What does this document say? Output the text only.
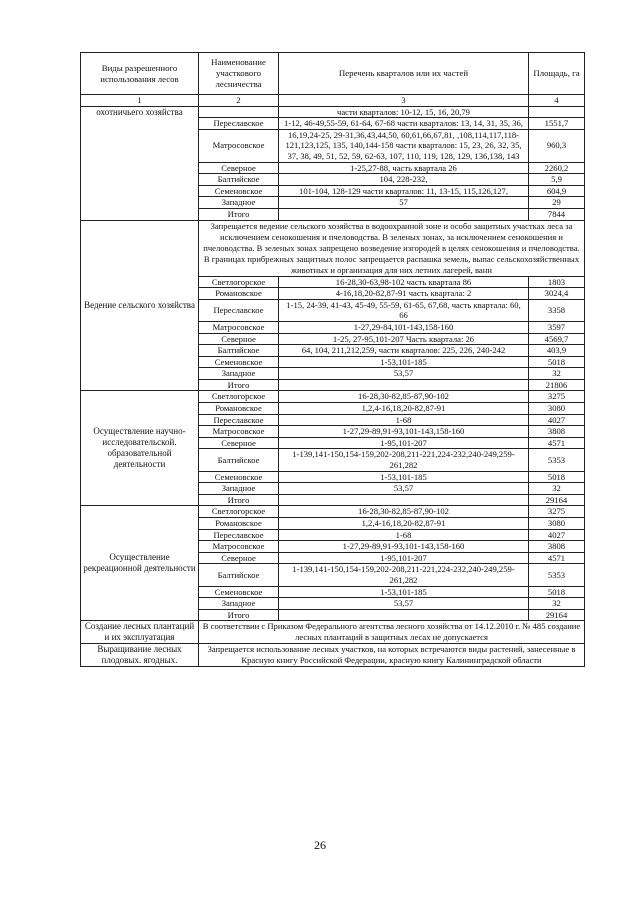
Виды разрешенного использования лесов	Наименование участкового лесничества	Перечень кварталов или их частей	Площадь, га
1	2	3	4
охотничьего хозяйства		части кварталов: 10-12, 15, 16, 20,79	
	Переславское	1-12, 46-49,55-59, 61-64, 67-68 части кварталов: 13, 14, 31, 35, 36,	1551,7
	Матросовское	16,19,24-25, 29-31,36,43,44,50, 60,61,66,67,81, ,108,114,117,118-121,123,125, 135, 140,144-158 части кварталов: 15, 23, 26, 32, 35, 37, 38, 49, 51, 52, 59, 62-63, 107, 110, 119, 128, 129, 136,138, 143	960,3
	Северное	1-25,27-88, часть квартала 26	2260,2
	Балтийское	104, 228-232,	5,9
	Семеновское	101-104, 128-129 части кварталов: 11, 13-15, 115,126,127,	604,9
	Западное	57	29
	Итого		7844
Ведение сельского хозяйства	Запрещается ведение сельского хозяйства в водоохранной зоне и особо защитных участках леса за исключением сенокошения и пчеловодства. В зеленых зонах, за исключением сенокошения и пчеловодства. В зеленых зонах запрещено возведение изгородей в целях сенокошения и пчеловодства. В границах прибрежных защитных полос запрещается распашка земель, выпас сельскохозяйственных животных и организация для них летних лагерей, ванн		
	Светлогорское	16-28,30-63,98-102 часть квартала 86	1803
	Романовское	4-16,18,20-82,87-91 часть квартала: 2	3024,4
	Переславское	1-15, 24-39, 41-43, 45-49, 55-59, 61-65, 67,68, часть квартала: 60, 66	3358
	Матросовское	1-27,29-84,101-143,158-160	3597
	Северное	1-25, 27-95,101-207 Часть квартала: 26	4569,7
	Балтийское	64, 104, 211,212,259, части кварталов: 225, 226, 240-242	403,9
	Семеновское	1-53,101-185	5018
	Западное	53,57	32
	Итого		21806
Осуществление научно-исследовательской. образовательной деятельности	Светлогорское	16-28,30-82,85-87,90-102	3275
	Романовское	1,2,4-16,18,20-82,87-91	3080
	Переславское	1-68	4027
	Матросовское	1-27,29-89,91-93,101-143,158-160	3808
	Северное	1-95,101-207	4571
	Балтийское	1-139,141-150,154-159,202-208,211-221,224-232,240-249,259-261,282	5353
	Семеновское	1-53,101-185	5018
	Западное	53,57	32
	Итого		29164
Осуществление рекреационной деятельности	Светлогорское	16-28,30-82,85-87,90-102	3275
	Романовское	1,2,4-16,18,20-82,87-91	3080
	Переславское	1-68	4027
	Матросовское	1-27,29-89,91-93,101-143,158-160	3808
	Северное	1-95,101-207	4571
	Балтийское	1-139,141-150,154-159,202-208,211-221,224-232,240-249,259-261,282	5353
	Семеновское	1-53,101-185	5018
	Западное	53,57	32
	Итого		29164
Создание лесных плантаций и их эксплуатация	В соответствии с Приказом Федерального агентства лесного хозяйства от 14.12.2010 г. № 485 создание лесных плантаций в защитных лесах не допускается		
Выращивание лесных плодовых. ягодных.	Запрещается использование лесных участков, на которых встречаются виды растений, занесенные в Красную книгу Российской Федерации, красную книгу Калининградской области		
26
